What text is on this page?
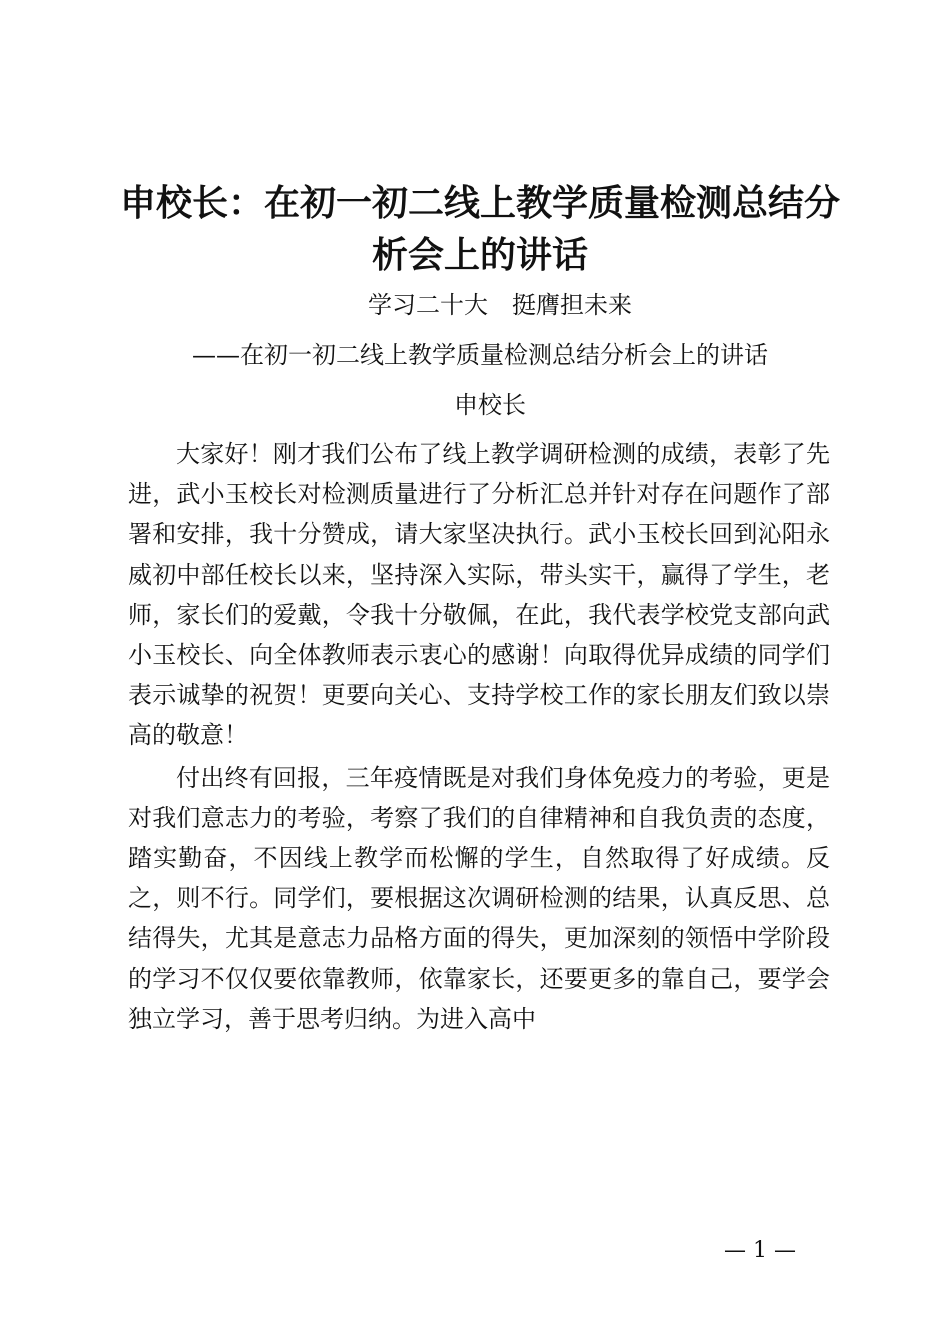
申校长：在初一初二线上教学质量检测总结分析会上的讲话

学习二十大　挺膺担未来

——在初一初二线上教学质量检测总结分析会上的讲话

申校长

大家好！刚才我们公布了线上教学调研检测的成绩，表彰了先进，武小玉校长对检测质量进行了分析汇总并针对存在问题作了部署和安排，我十分赞成，请大家坚决执行。武小玉校长回到沁阳永威初中部任校长以来，坚持深入实际，带头实干，赢得了学生，老师，家长们的爱戴，令我十分敬佩，在此，我代表学校党支部向武小玉校长、向全体教师表示衷心的感谢！向取得优异成绩的同学们表示诚挚的祝贺！更要向关心、支持学校工作的家长朋友们致以崇高的敬意！

付出终有回报，三年疫情既是对我们身体免疫力的考验，更是对我们意志力的考验，考察了我们的自律精神和自我负责的态度，踏实勤奋，不因线上教学而松懈的学生，自然取得了好成绩。反之，则不行。同学们，要根据这次调研检测的结果，认真反思、总结得失，尤其是意志力品格方面的得失，更加深刻的领悟中学阶段的学习不仅仅要依靠教师，依靠家长，还要更多的靠自己，要学会独立学习，善于思考归纳。为进入高中

— 1 —
